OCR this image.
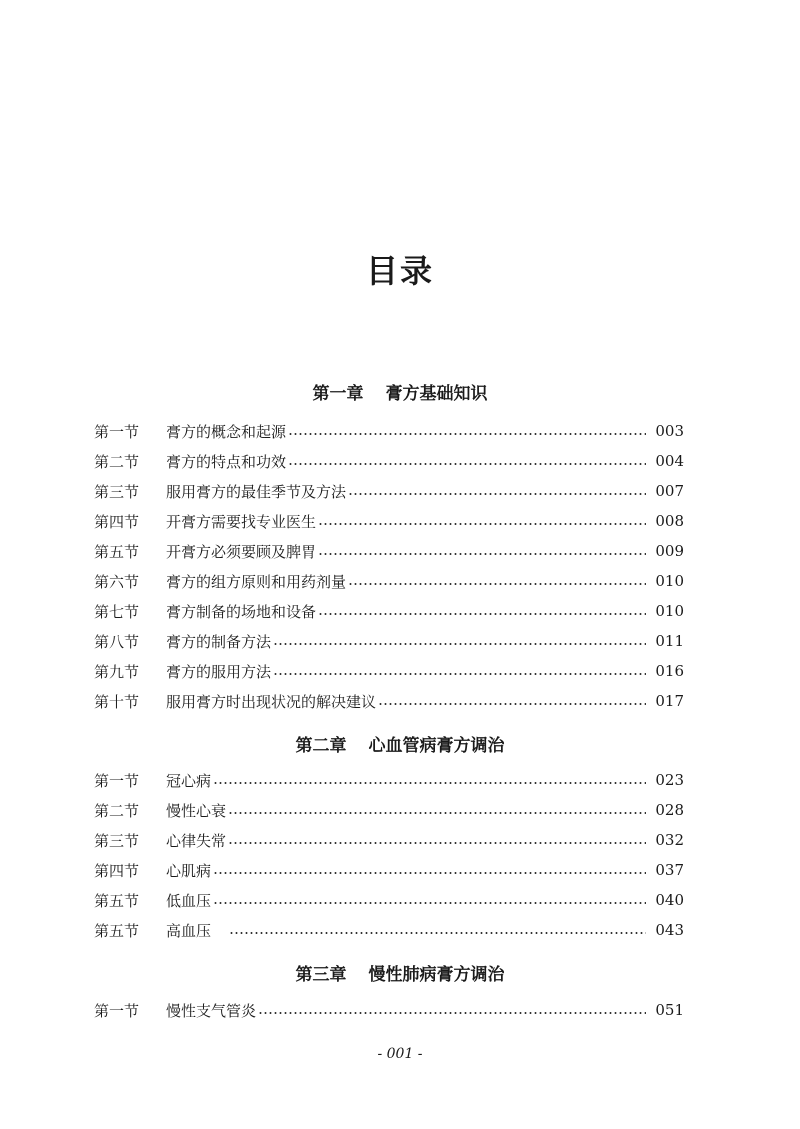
目录
第一章 膏方基础知识
第一节	膏方的概念和起源	003
第二节	膏方的特点和功效	004
第三节	服用膏方的最佳季节及方法	007
第四节	开膏方需要找专业医生	008
第五节	开膏方必须要顾及脾胃	009
第六节	膏方的组方原则和用药剂量	010
第七节	膏方制备的场地和设备	010
第八节	膏方的制备方法	011
第九节	膏方的服用方法	016
第十节	服用膏方时出现状况的解决建议	017
第二章 心血管病膏方调治
第一节	冠心病	023
第二节	慢性心衰	028
第三节	心律失常	032
第四节	心肌病	037
第五节	低血压	040
第五节	高血压	043
第三章 慢性肺病膏方调治
第一节	慢性支气管炎	051
- 001 -
